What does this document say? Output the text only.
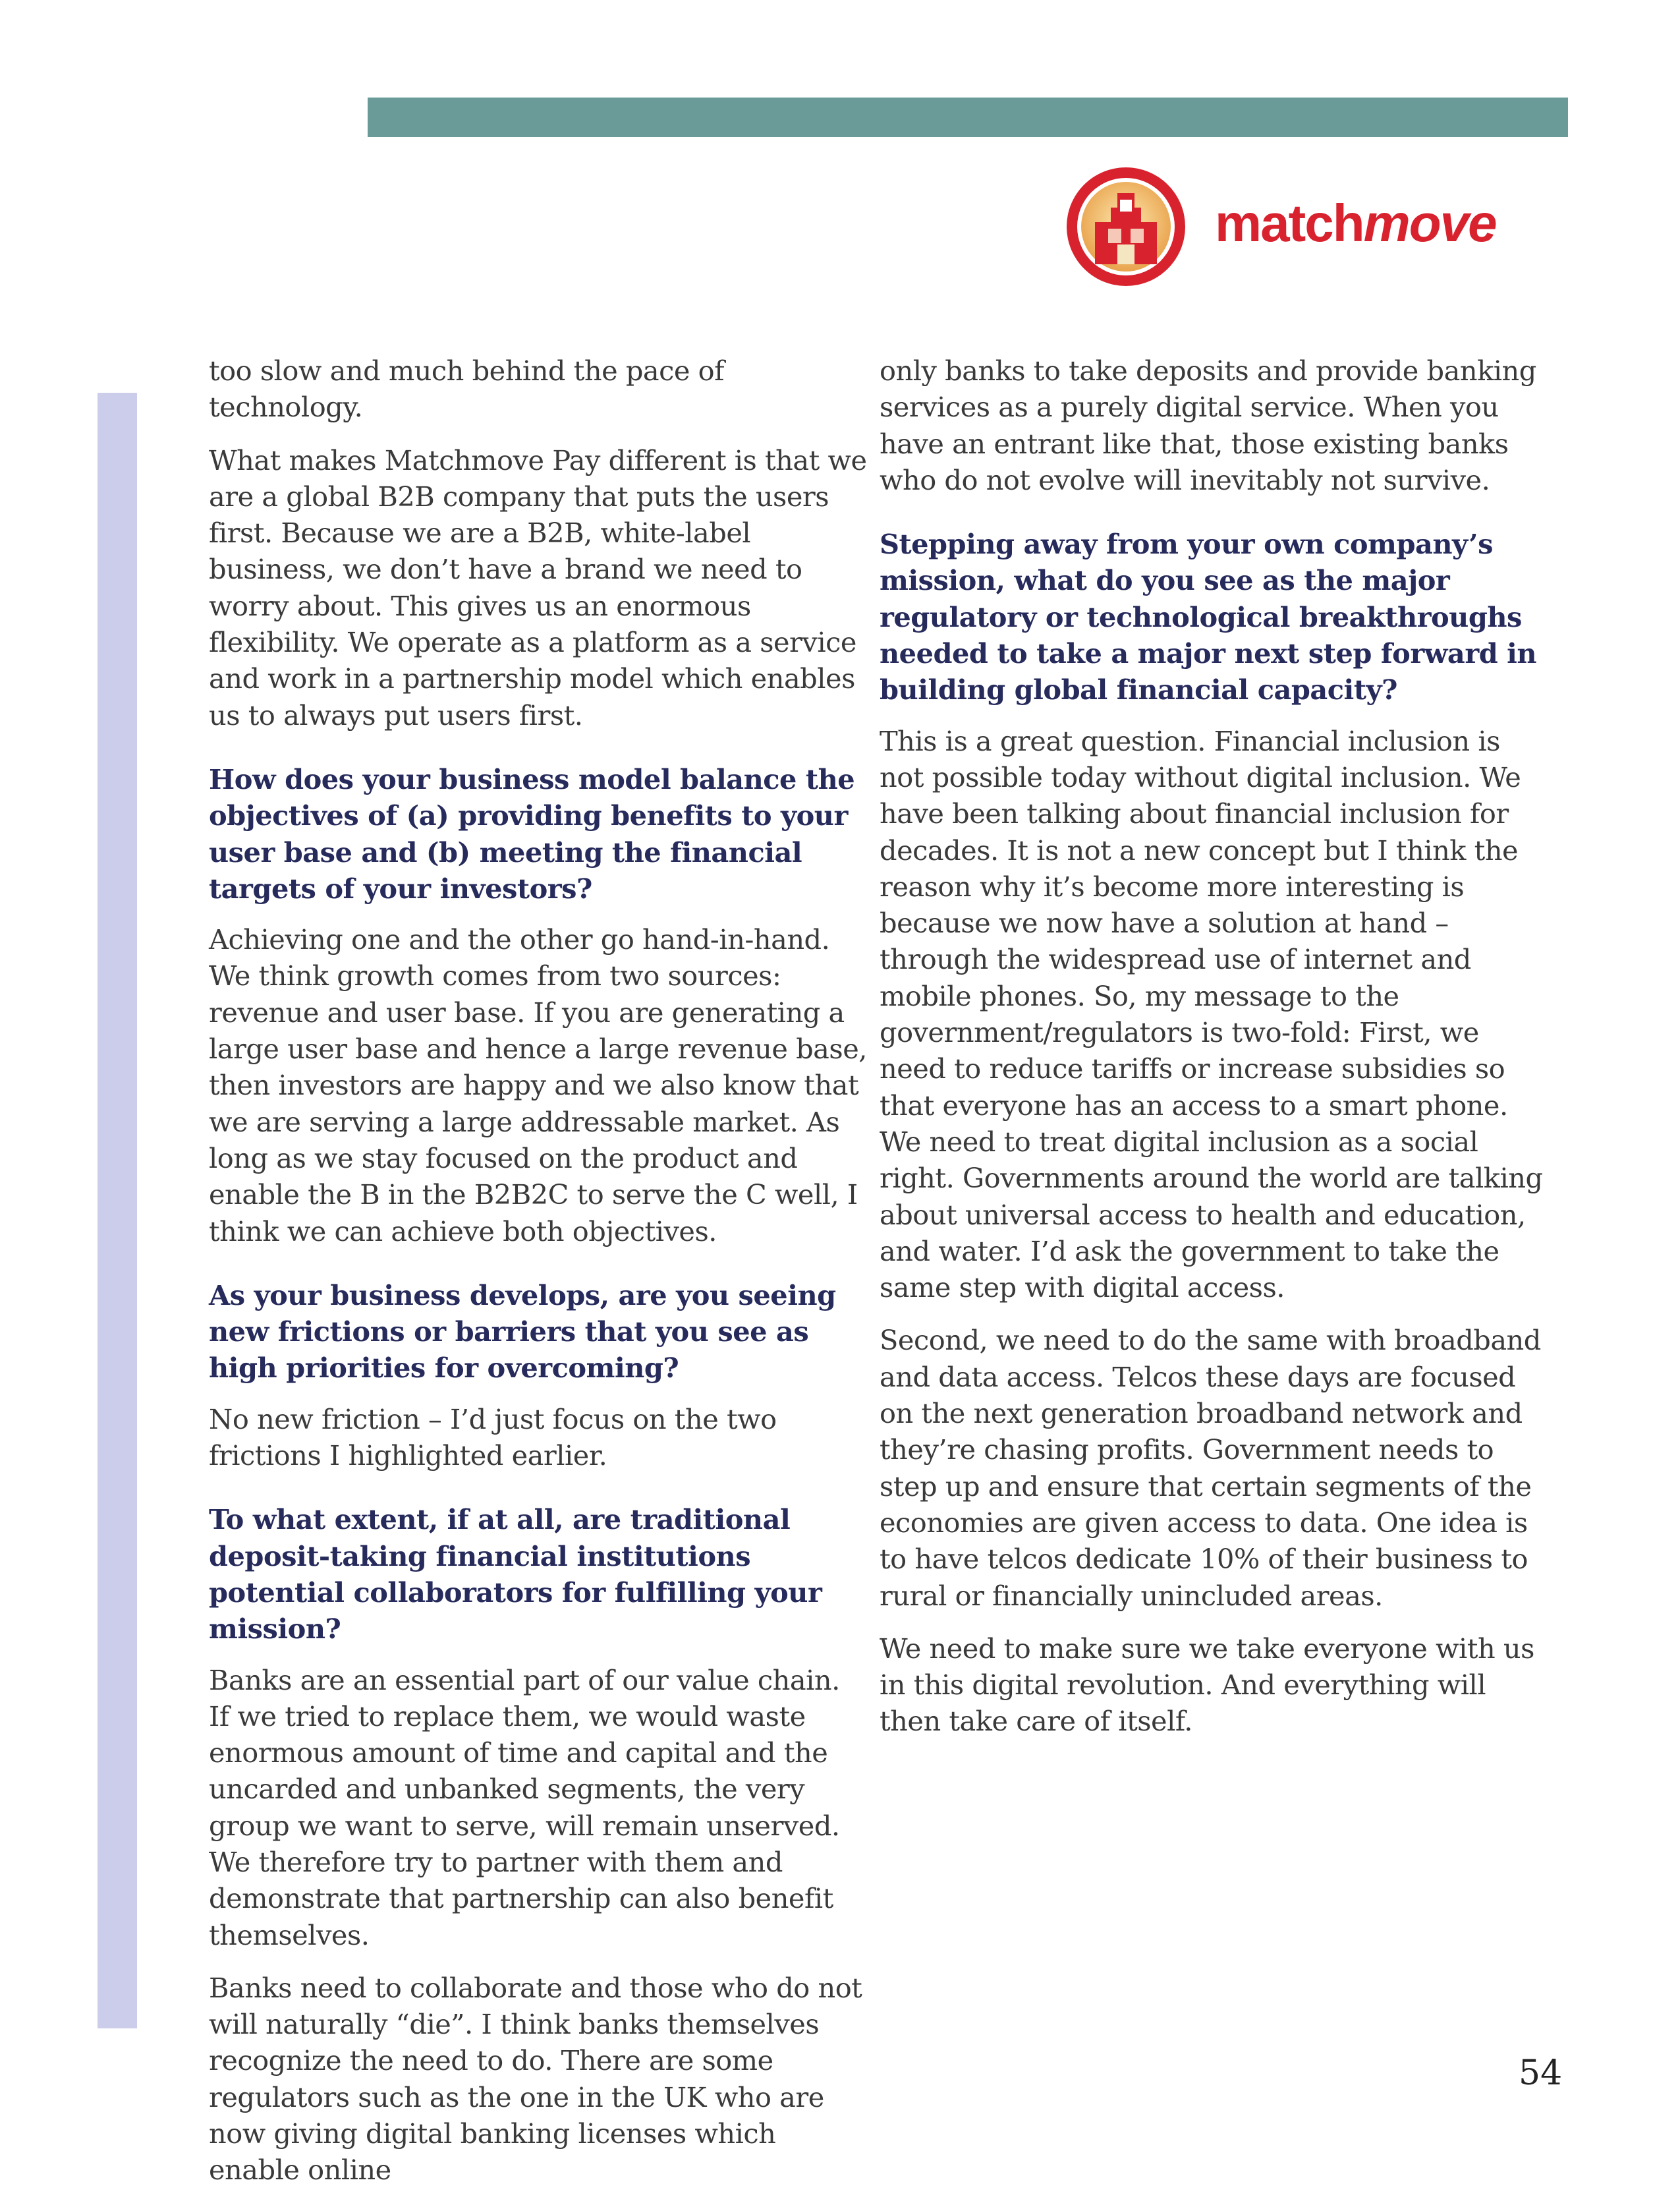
matchmove

too slow and much behind the pace of technology.

What makes Matchmove Pay different is that we are a global B2B company that puts the users first. Because we are a B2B, white-label business, we don’t have a brand we need to worry about. This gives us an enormous flexibility. We operate as a platform as a service and work in a partnership model which enables us to always put users first.

How does your business model balance the objectives of (a) providing benefits to your user base and (b) meeting the financial targets of your investors?

Achieving one and the other go hand-in-hand. We think growth comes from two sources: revenue and user base. If you are generating a large user base and hence a large revenue base, then investors are happy and we also know that we are serving a large addressable market. As long as we stay focused on the product and enable the B in the B2B2C to serve the C well, I think we can achieve both objectives.

As your business develops, are you seeing new frictions or barriers that you see as high priorities for overcoming?

No new friction – I’d just focus on the two frictions I highlighted earlier.

To what extent, if at all, are traditional deposit-taking financial institutions potential collaborators for fulfilling your mission?

Banks are an essential part of our value chain. If we tried to replace them, we would waste enormous amount of time and capital and the uncarded and unbanked segments, the very group we want to serve, will remain unserved. We therefore try to partner with them and demonstrate that partnership can also benefit themselves.

Banks need to collaborate and those who do not will naturally “die”. I think banks themselves recognize the need to do. There are some regulators such as the one in the UK who are now giving digital banking licenses which enable online

only banks to take deposits and provide banking services as a purely digital service. When you have an entrant like that, those existing banks who do not evolve will inevitably not survive.

Stepping away from your own company’s mission, what do you see as the major regulatory or technological breakthroughs needed to take a major next step forward in building global financial capacity?

This is a great question. Financial inclusion is not possible today without digital inclusion. We have been talking about financial inclusion for decades. It is not a new concept but I think the reason why it’s become more interesting is because we now have a solution at hand – through the widespread use of internet and mobile phones. So, my message to the government/regulators is two-fold: First, we need to reduce tariffs or increase subsidies so that everyone has an access to a smart phone. We need to treat digital inclusion as a social right. Governments around the world are talking about universal access to health and education, and water. I’d ask the government to take the same step with digital access.

Second, we need to do the same with broadband and data access. Telcos these days are focused on the next generation broadband network and they’re chasing profits. Government needs to step up and ensure that certain segments of the economies are given access to data. One idea is to have telcos dedicate 10% of their business to rural or financially unincluded areas.

We need to make sure we take everyone with us in this digital revolution. And everything will then take care of itself.

54
